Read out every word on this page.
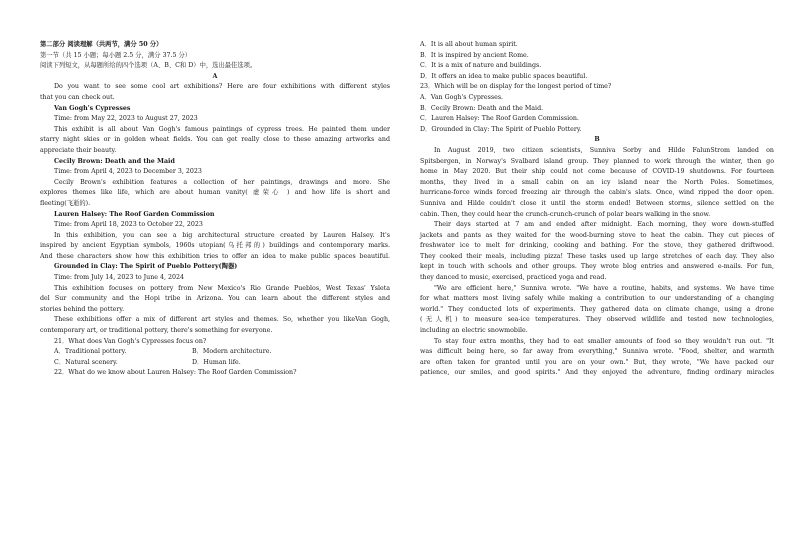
第二部分 阅读理解（共两节，满分 50 分）

第一节（共 15 小题；每小题 2.5 分，满分 37.5 分）

阅读下列短文，从每题所给的四个选项（A、B、C和 D）中，选出最佳选项。

A

Do you want to see some cool art exhibitions? Here are four exhibitions with different styles

that you can check out.

Van Gogh's Cypresses

Time: from May 22, 2023 to August 27, 2023

This exhibit is all about Van Gogh's famous paintings of cypress trees. He painted them under

starry night skies or in golden wheat fields. You can get really close to these amazing artworks and

appreciate their beauty.

Cecily Brown: Death and the Maid

Time: from April 4, 2023 to December 3, 2023

Cecily Brown's exhibition features a collection of her paintings, drawings and more. She

explores themes like life, which are about human vanity( 虚荣心 ) and how life is short and

fleeting(飞逝的).

Lauren Halsey: The Roof Garden Commission

Time: from April 18, 2023 to October 22, 2023

In this exhibition, you can see a big architectural structure created by Lauren Halsey. It's

inspired by ancient Egyptian symbols, 1960s utopian(乌托邦的) buildings and contemporary marks.

And these characters show how this exhibition tries to offer an idea to make public spaces beautiful.

Grounded in Clay: The Spirit of Pueblo Pottery(陶器)

Time: from July 14, 2023 to June 4, 2024

This exhibition focuses on pottery from New Mexico's Rio Grande Pueblos, West Texas' Ysleta

del Sur community and the Hopi tribe in Arizona. You can learn about the different styles and

stories behind the pottery.

These exhibitions offer a mix of different art styles and themes. So, whether you likeVan Gogh,

contemporary art, or traditional pottery, there's something for everyone.

21．What does Van Gogh's Cypresses focus on?

A．Traditional pottery.	B．Modern architecture.

C．Natural scenery.	D．Human life.

22．What do we know about Lauren Halsey: The Roof Garden Commission?

A．It is all about human spirit.

B．It is inspired by ancient Rome.

C．It is a mix of nature and buildings.

D．It offers an idea to make public spaces beautiful.

23．Which will be on display for the longest period of time?

A．Van Gogh's Cypresses.

B．Cecily Brown: Death and the Maid.

C．Lauren Halsey: The Roof Garden Commission.

D．Grounded in Clay: The Spirit of Pueblo Pottery.

B

In August 2019, two citizen scientists, Sunniva Sorby and Hilde FalunStrom landed on

Spitsbergen, in Norway's Svalbard island group. They planned to work through the winter, then go

home in May 2020. But their ship could not come because of COVID-19 shutdowns. For fourteen

months, they lived in a small cabin on an icy island near the North Poles. Sometimes,

hurricane-force winds forced freezing air through the cabin's slats. Once, wind ripped the door open.

Sunniva and Hilde couldn't close it until the storm ended! Between storms, silence settled on the

cabin. Then, they could hear the crunch-crunch-crunch of polar bears walking in the snow.

Their days started at 7 am and ended after midnight. Each morning, they wore down-stuffed

jackets and pants as they waited for the wood-burning stove to heat the cabin. They cut pieces of

freshwater ice to melt for drinking, cooking and bathing. For the stove, they gathered driftwood.

They cooked their meals, including pizza! These tasks used up large stretches of each day. They also

kept in touch with schools and other groups. They wrote blog entries and answered e-mails. For fun,

they danced to music, exercised, practiced yoga and read.

"We are efficient here," Sunniva wrote. "We have a routine, habits, and systems. We have time

for what matters most living safely while making a contribution to our understanding of a changing

world." They conducted lots of experiments. They gathered data on climate change, using a drone

(无人机) to measure sea-ice temperatures. They observed wildlife and tested new technologies,

including an electric snowmobile.

To stay four extra months, they had to eat smaller amounts of food so they wouldn't run out. "It

was difficult being here, so far away from everything," Sunniva wrote. "Food, shelter, and warmth

are often taken for granted until you are on your own." But, they wrote, "We have packed our

patience, our smiles, and good spirits." And they enjoyed the adventure, finding ordinary miracles
